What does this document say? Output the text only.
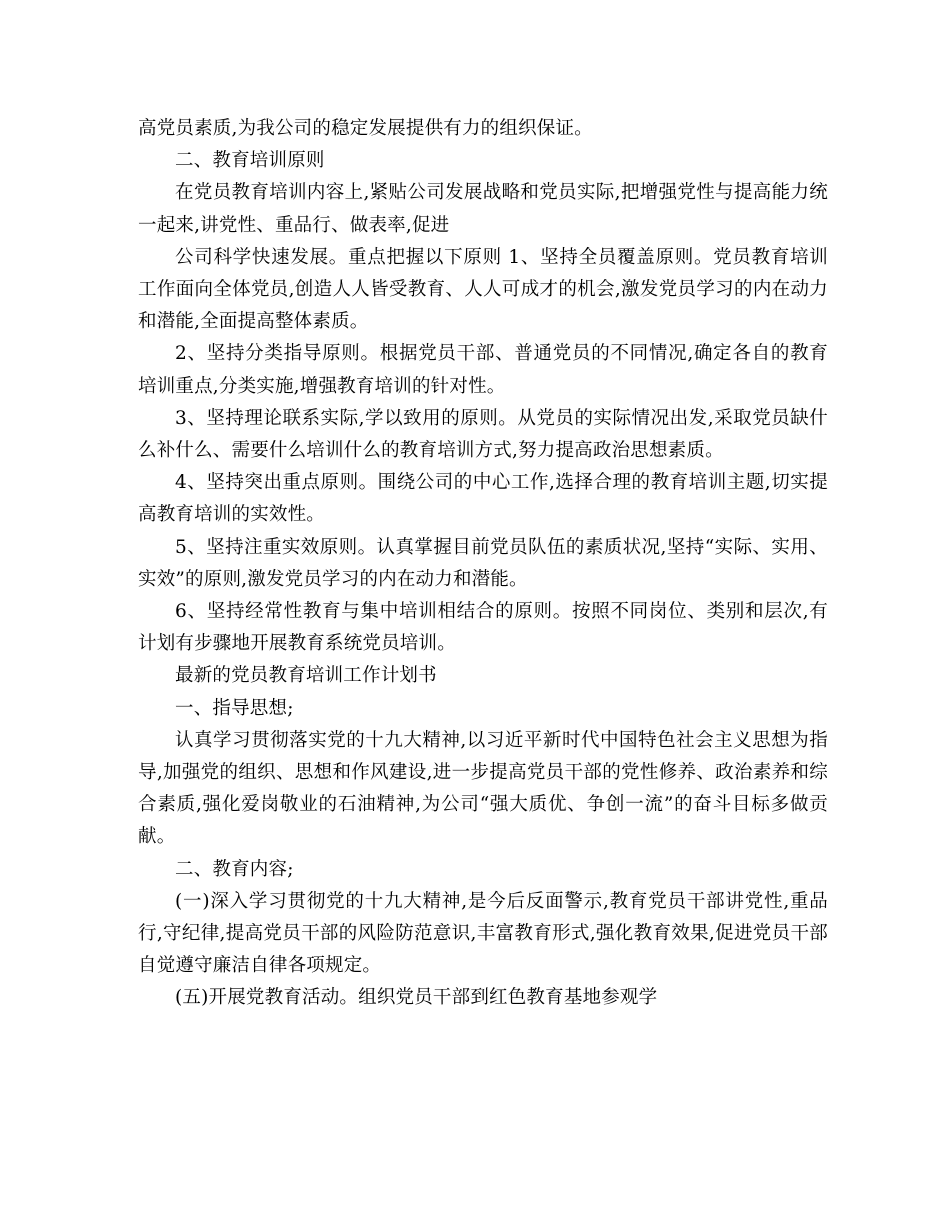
高党员素质,为我公司的稳定发展提供有力的组织保证。

二、教育培训原则

在党员教育培训内容上,紧贴公司发展战略和党员实际,把增强党性与提高能力统一起来,讲党性、重品行、做表率,促进

公司科学快速发展。重点把握以下原则 1、坚持全员覆盖原则。党员教育培训工作面向全体党员,创造人人皆受教育、人人可成才的机会,激发党员学习的内在动力和潜能,全面提高整体素质。

2、坚持分类指导原则。根据党员干部、普通党员的不同情况,确定各自的教育培训重点,分类实施,增强教育培训的针对性。

3、坚持理论联系实际,学以致用的原则。从党员的实际情况出发,采取党员缺什么补什么、需要什么培训什么的教育培训方式,努力提高政治思想素质。

4、坚持突出重点原则。围绕公司的中心工作,选择合理的教育培训主题,切实提高教育培训的实效性。

5、坚持注重实效原则。认真掌握目前党员队伍的素质状况,坚持“实际、实用、实效”的原则,激发党员学习的内在动力和潜能。

6、坚持经常性教育与集中培训相结合的原则。按照不同岗位、类别和层次,有计划有步骤地开展教育系统党员培训。

最新的党员教育培训工作计划书

一、指导思想;

认真学习贯彻落实党的十九大精神,以习近平新时代中国特色社会主义思想为指导,加强党的组织、思想和作风建设,进一步提高党员干部的党性修养、政治素养和综合素质,强化爱岗敬业的石油精神,为公司“强大质优、争创一流”的奋斗目标多做贡献。

二、教育内容;

(一)深入学习贯彻党的十九大精神,是今后反面警示,教育党员干部讲党性,重品行,守纪律,提高党员干部的风险防范意识,丰富教育形式,强化教育效果,促进党员干部自觉遵守廉洁自律各项规定。

(五)开展党教育活动。组织党员干部到红色教育基地参观学
